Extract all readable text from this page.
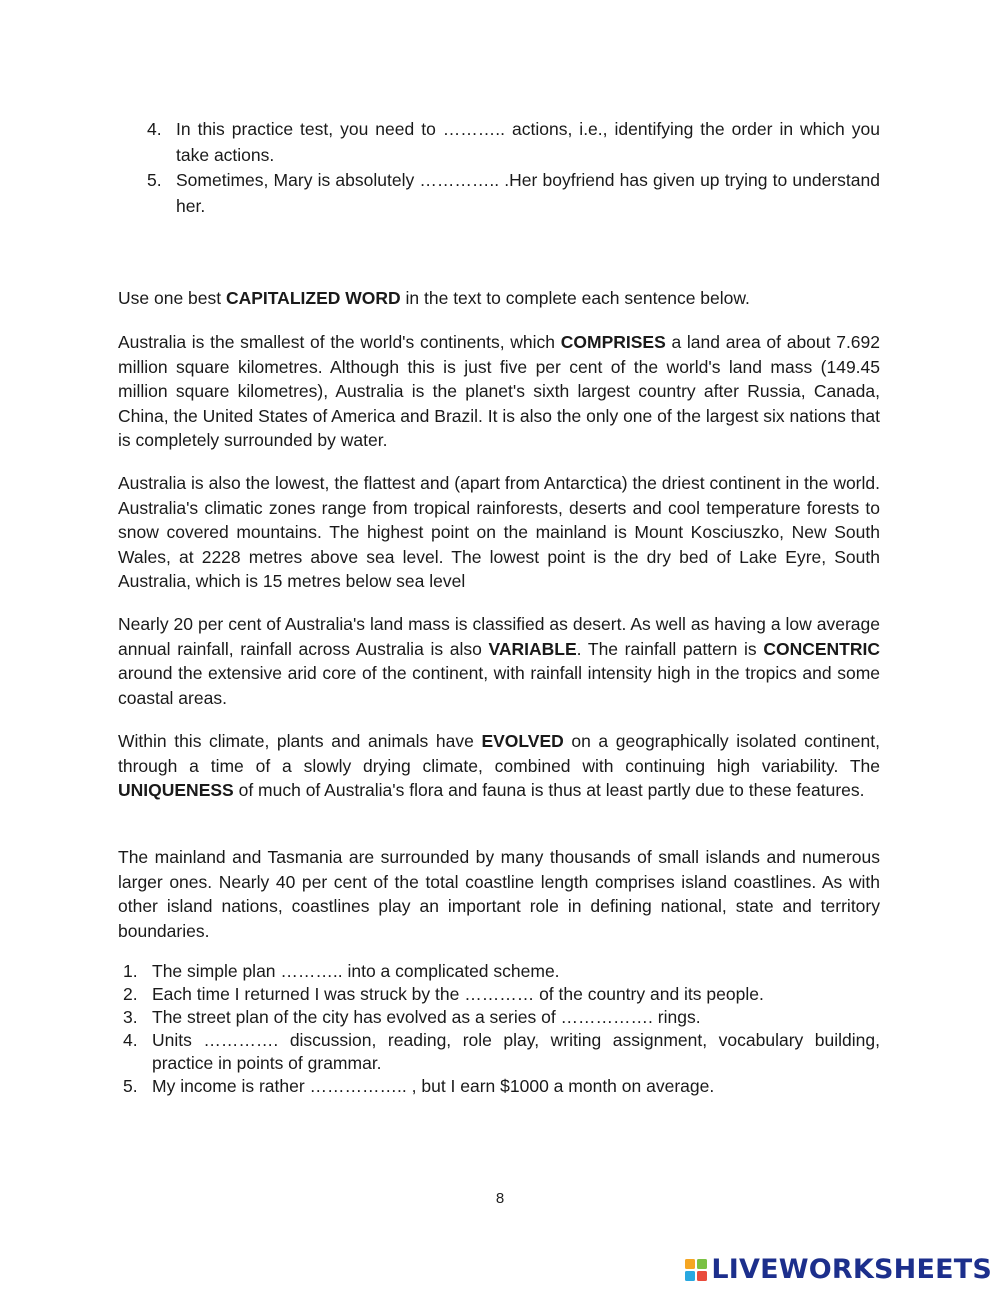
4. In this practice test, you need to ……….. actions, i.e., identifying the order in which you take actions.
5. Sometimes, Mary is absolutely ………….. .Her boyfriend has given up trying to understand her.

Use one best CAPITALIZED WORD in the text to complete each sentence below.

Australia is the smallest of the world's continents, which COMPRISES a land area of about 7.692 million square kilometres. Although this is just five per cent of the world's land mass (149.45 million square kilometres), Australia is the planet's sixth largest country after Russia, Canada, China, the United States of America and Brazil. It is also the only one of the largest six nations that is completely surrounded by water.

Australia is also the lowest, the flattest and (apart from Antarctica) the driest continent in the world. Australia's climatic zones range from tropical rainforests, deserts and cool temperature forests to snow covered mountains. The highest point on the mainland is Mount Kosciuszko, New South Wales, at 2228 metres above sea level. The lowest point is the dry bed of Lake Eyre, South Australia, which is 15 metres below sea level

Nearly 20 per cent of Australia's land mass is classified as desert. As well as having a low average annual rainfall, rainfall across Australia is also VARIABLE. The rainfall pattern is CONCENTRIC around the extensive arid core of the continent, with rainfall intensity high in the tropics and some coastal areas.

Within this climate, plants and animals have EVOLVED on a geographically isolated continent, through a time of a slowly drying climate, combined with continuing high variability. The UNIQUENESS of much of Australia's flora and fauna is thus at least partly due to these features.

The mainland and Tasmania are surrounded by many thousands of small islands and numerous larger ones. Nearly 40 per cent of the total coastline length comprises island coastlines. As with other island nations, coastlines play an important role in defining national, state and territory boundaries.

1. The simple plan ……….. into a complicated scheme.
2. Each time I returned I was struck by the ………… of the country and its people.
3. The street plan of the city has evolved as a series of ……………. rings.
4. Units …………. discussion, reading, role play, writing assignment, vocabulary building, practice in points of grammar.
5. My income is rather …………….. , but I earn $1000 a month on average.
8
LIVEWORKSHEETS
